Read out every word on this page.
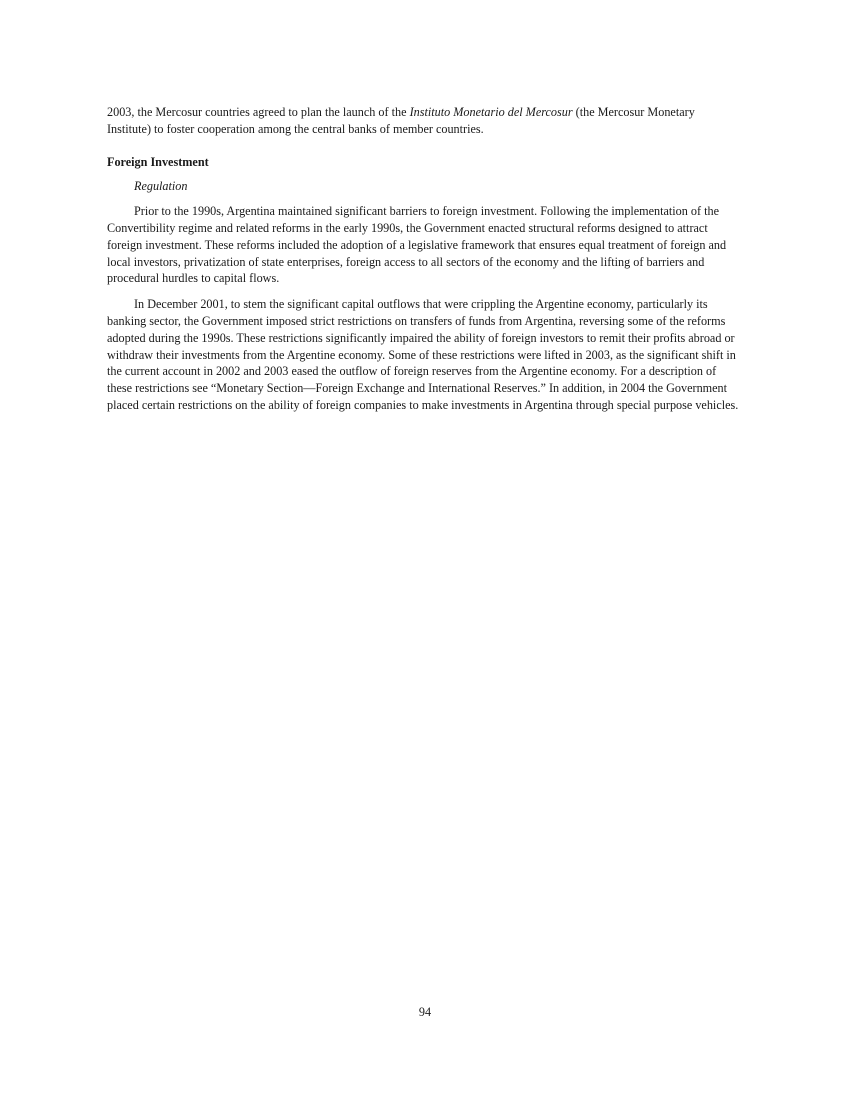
2003, the Mercosur countries agreed to plan the launch of the Instituto Monetario del Mercosur (the Mercosur Monetary Institute) to foster cooperation among the central banks of member countries.

Foreign Investment

Regulation

Prior to the 1990s, Argentina maintained significant barriers to foreign investment. Following the implementation of the Convertibility regime and related reforms in the early 1990s, the Government enacted structural reforms designed to attract foreign investment. These reforms included the adoption of a legislative framework that ensures equal treatment of foreign and local investors, privatization of state enterprises, foreign access to all sectors of the economy and the lifting of barriers and procedural hurdles to capital flows.

In December 2001, to stem the significant capital outflows that were crippling the Argentine economy, particularly its banking sector, the Government imposed strict restrictions on transfers of funds from Argentina, reversing some of the reforms adopted during the 1990s. These restrictions significantly impaired the ability of foreign investors to remit their profits abroad or withdraw their investments from the Argentine economy. Some of these restrictions were lifted in 2003, as the significant shift in the current account in 2002 and 2003 eased the outflow of foreign reserves from the Argentine economy. For a description of these restrictions see “Monetary Section—Foreign Exchange and International Reserves.” In addition, in 2004 the Government placed certain restrictions on the ability of foreign companies to make investments in Argentina through special purpose vehicles.

94
